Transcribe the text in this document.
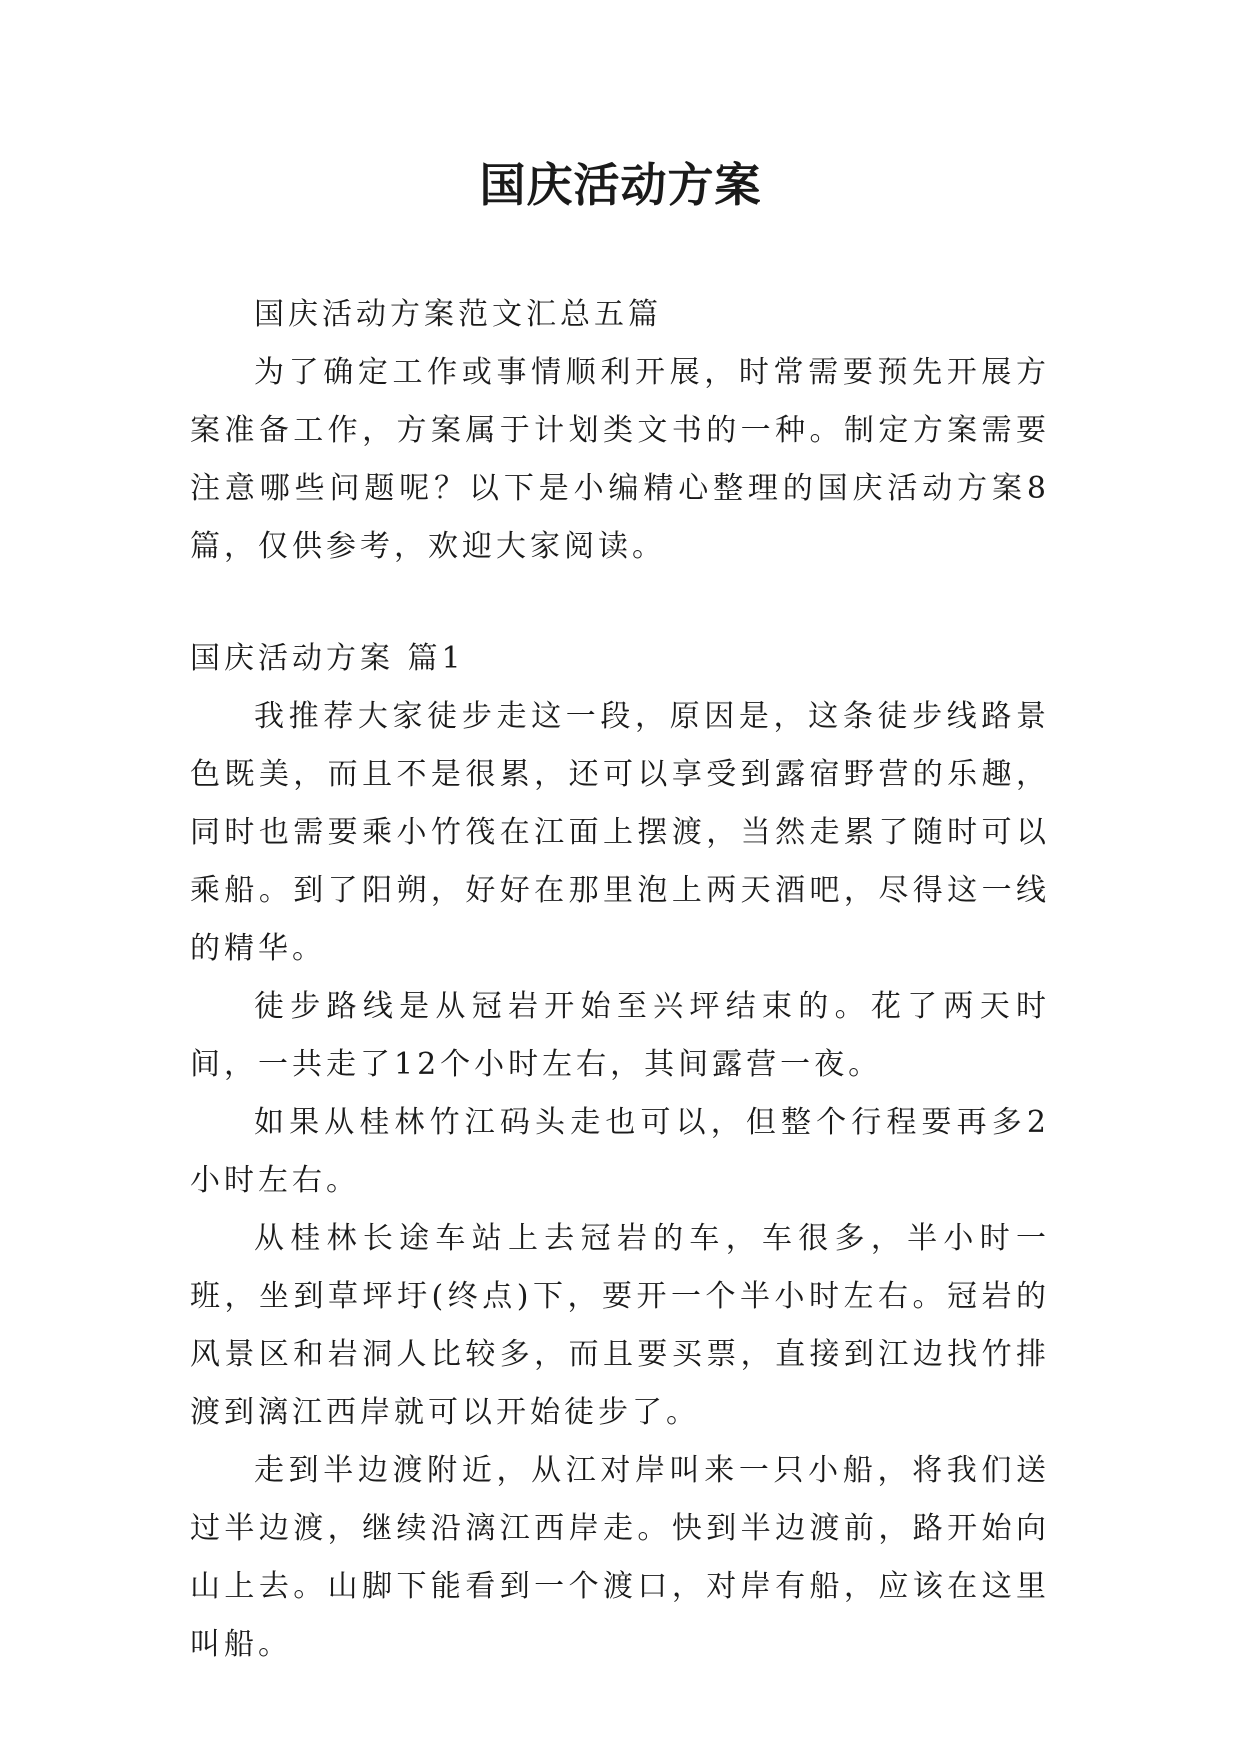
国庆活动方案

国庆活动方案范文汇总五篇

为了确定工作或事情顺利开展，时常需要预先开展方案准备工作，方案属于计划类文书的一种。制定方案需要注意哪些问题呢？以下是小编精心整理的国庆活动方案8篇，仅供参考，欢迎大家阅读。

国庆活动方案 篇1

我推荐大家徒步走这一段，原因是，这条徒步线路景色既美，而且不是很累，还可以享受到露宿野营的乐趣，同时也需要乘小竹筏在江面上摆渡，当然走累了随时可以乘船。到了阳朔，好好在那里泡上两天酒吧，尽得这一线的精华。

徒步路线是从冠岩开始至兴坪结束的。花了两天时间，一共走了12个小时左右，其间露营一夜。

如果从桂林竹江码头走也可以，但整个行程要再多2小时左右。

从桂林长途车站上去冠岩的车，车很多，半小时一班，坐到草坪圩(终点)下，要开一个半小时左右。冠岩的风景区和岩洞人比较多，而且要买票，直接到江边找竹排渡到漓江西岸就可以开始徒步了。

走到半边渡附近，从江对岸叫来一只小船，将我们送过半边渡，继续沿漓江西岸走。快到半边渡前，路开始向山上去。山脚下能看到一个渡口，对岸有船，应该在这里叫船。
